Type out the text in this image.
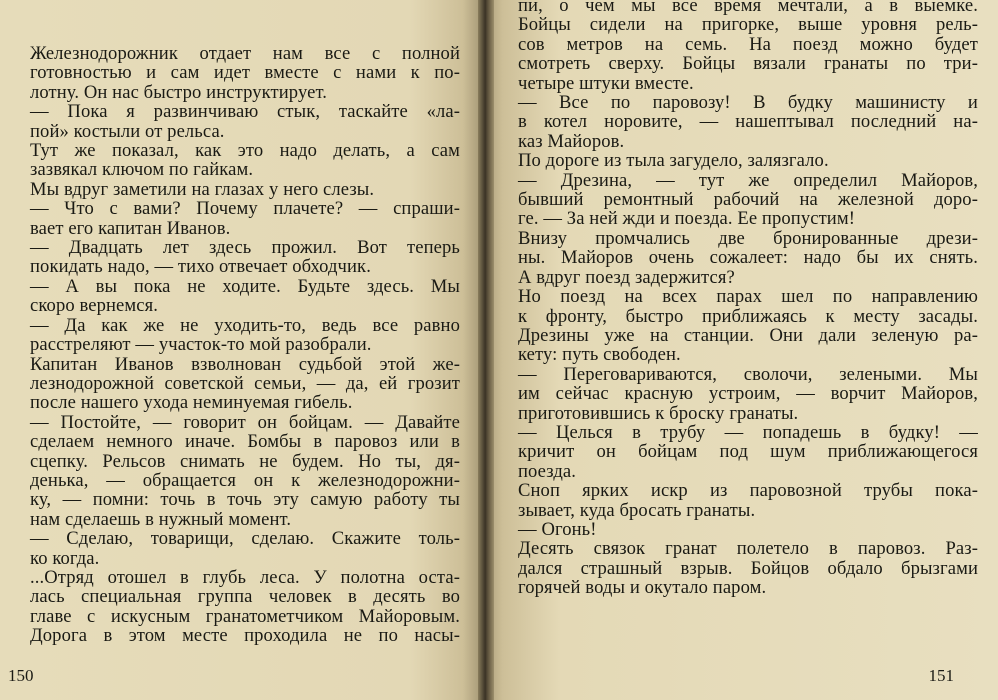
Железнодорожник отдает нам все с полной

готовностью и сам идет вместе с нами к по-

лотну. Он нас быстро инструктирует.

— Пока я развинчиваю стык, таскайте «ла-

пой» костыли от рельса.

Тут же показал, как это надо делать, а сам

зазвякал ключом по гайкам.

Мы вдруг заметили на глазах у него слезы.

— Что с вами? Почему плачете? — спраши-

вает его капитан Иванов.

— Двадцать лет здесь прожил. Вот теперь

покидать надо, — тихо отвечает обходчик.

— А вы пока не ходите. Будьте здесь. Мы

скоро вернемся.

— Да как же не уходить-то, ведь все равно

расстреляют — участок-то мой разобрали.

Капитан Иванов взволнован судьбой этой же-

лезнодорожной советской семьи, — да, ей грозит

после нашего ухода неминуемая гибель.

— Постойте, — говорит он бойцам. — Давайте

сделаем немного иначе. Бомбы в паровоз или в

сцепку. Рельсов снимать не будем. Но ты, дя-

денька, — обращается он к железнодорожни-

ку, — помни: точь в точь эту самую работу ты

нам сделаешь в нужный момент.

— Сделаю, товарищи, сделаю. Скажите толь-

ко когда.

...Отряд отошел в глубь леса. У полотна оста-

лась специальная группа человек в десять во

главе с искусным гранатометчиком Майоровым.

Дорога в этом месте проходила не по насы-

150

пи, о чем мы все время мечтали, а в выемке.

Бойцы сидели на пригорке, выше уровня рель-

сов метров на семь. На поезд можно будет

смотреть сверху. Бойцы вязали гранаты по три-

четыре штуки вместе.

— Все по паровозу! В будку машинисту и

в котел норовите, — нашептывал последний на-

каз Майоров.

По дороге из тыла загудело, залязгало.

— Дрезина, — тут же определил Майоров,

бывший ремонтный рабочий на железной доро-

ге. — За ней жди и поезда. Ее пропустим!

Внизу промчались две бронированные дрези-

ны. Майоров очень сожалеет: надо бы их снять.

А вдруг поезд задержится?

Но поезд на всех парах шел по направлению

к фронту, быстро приближаясь к месту засады.

Дрезины уже на станции. Они дали зеленую ра-

кету: путь свободен.

— Переговариваются, сволочи, зелеными. Мы

им сейчас красную устроим, — ворчит Майоров,

приготовившись к броску гранаты.

— Целься в трубу — попадешь в будку! —

кричит он бойцам под шум приближающегося

поезда.

Сноп ярких искр из паровозной трубы пока-

зывает, куда бросать гранаты.

— Огонь!

Десять связок гранат полетело в паровоз. Раз-

дался страшный взрыв. Бойцов обдало брызгами

горячей воды и окутало паром.

151
